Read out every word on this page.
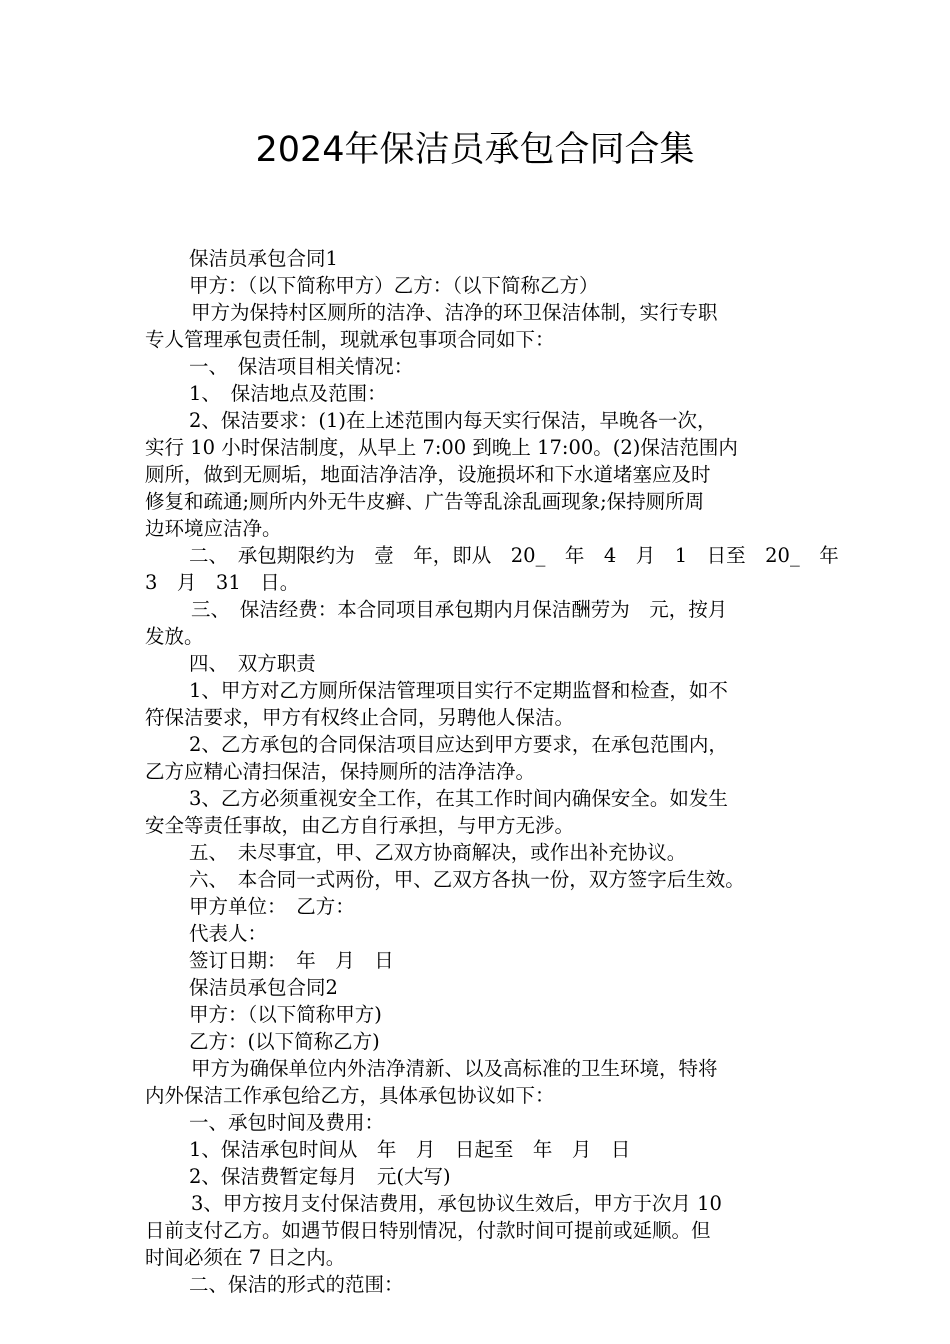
2024年保洁员承包合同合集

保洁员承包合同1

甲方：（以下简称甲方）乙方：（以下简称乙方）

甲方为保持村区厕所的洁净、洁净的环卫保洁体制，实行专职

专人管理承包责任制，现就承包事项合同如下：

一、　保洁项目相关情况：

1、　保洁地点及范围：

2、保洁要求：(1)在上述范围内每天实行保洁，早晚各一次，

实行 10 小时保洁制度，从早上 7:00 到晚上 17:00。(2)保洁范围内

厕所，做到无厕垢，地面洁净洁净，设施损坏和下水道堵塞应及时

修复和疏通;厕所内外无牛皮癣、广告等乱涂乱画现象;保持厕所周

边环境应洁净。

二、　承包期限约为　壹　年，即从　20_　年　4　月　1　日至　20_　年

3　月　31　日。

三、　保洁经费：本合同项目承包期内月保洁酬劳为　元，按月

发放。

四、　双方职责

1、甲方对乙方厕所保洁管理项目实行不定期监督和检查，如不

符保洁要求，甲方有权终止合同，另聘他人保洁。

2、乙方承包的合同保洁项目应达到甲方要求，在承包范围内，

乙方应精心清扫保洁，保持厕所的洁净洁净。

3、乙方必须重视安全工作，在其工作时间内确保安全。如发生

安全等责任事故，由乙方自行承担，与甲方无涉。

五、　未尽事宜，甲、乙双方协商解决，或作出补充协议。

六、　本合同一式两份，甲、乙双方各执一份，双方签字后生效。

甲方单位：　乙方：

代表人：

签订日期：　年　月　日

保洁员承包合同2

甲方：（以下简称甲方)

乙方：(以下简称乙方)

甲方为确保单位内外洁净清新、以及高标准的卫生环境，特将

内外保洁工作承包给乙方，具体承包协议如下：

一、承包时间及费用：

1、保洁承包时间从　年　月　日起至　年　月　日

2、保洁费暂定每月　元(大写)

3、甲方按月支付保洁费用，承包协议生效后，甲方于次月 10

日前支付乙方。如遇节假日特别情况，付款时间可提前或延顺。但

时间必须在 7 日之内。

二、保洁的形式的范围：
